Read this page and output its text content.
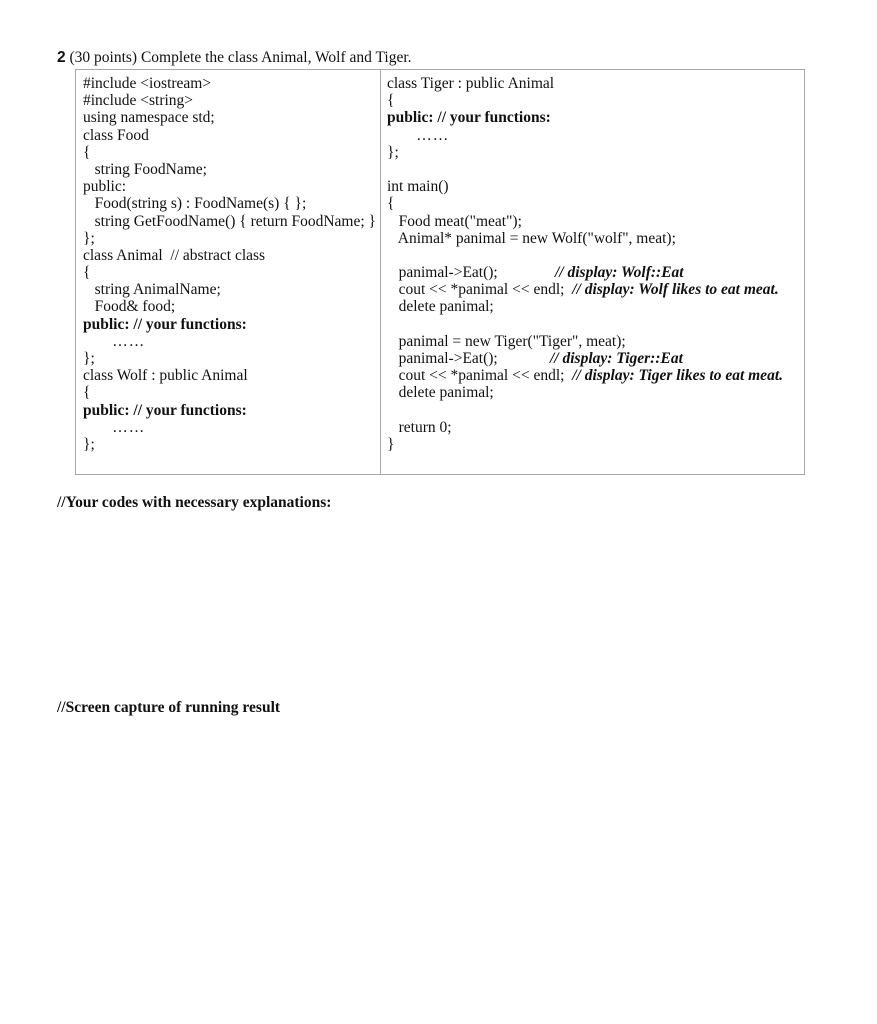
2 (30 points) Complete the class Animal, Wolf and Tiger.
#include <iostream>
#include <string>
using namespace std;
class Food
{
string FoodName;
public:
Food(string s) : FoodName(s) { };
string GetFoodName() { return FoodName; }
};
class Animal  // abstract class
{
string AnimalName;
Food& food;
public: // your functions:
……
};
class Wolf : public Animal
{
public: // your functions:
……
};
class Tiger : public Animal
{
public: // your functions:
……
};
int main()
{
Food meat("meat");
Animal* panimal = new Wolf("wolf", meat);
panimal->Eat();	// display: Wolf::Eat
cout << *panimal << endl;  // display: Wolf likes to eat meat.
delete panimal;
panimal = new Tiger("Tiger", meat);
panimal->Eat();	// display: Tiger::Eat
cout << *panimal << endl;  // display: Tiger likes to eat meat.
delete panimal;
return 0;
}
//Your codes with necessary explanations:
//Screen capture of running result
